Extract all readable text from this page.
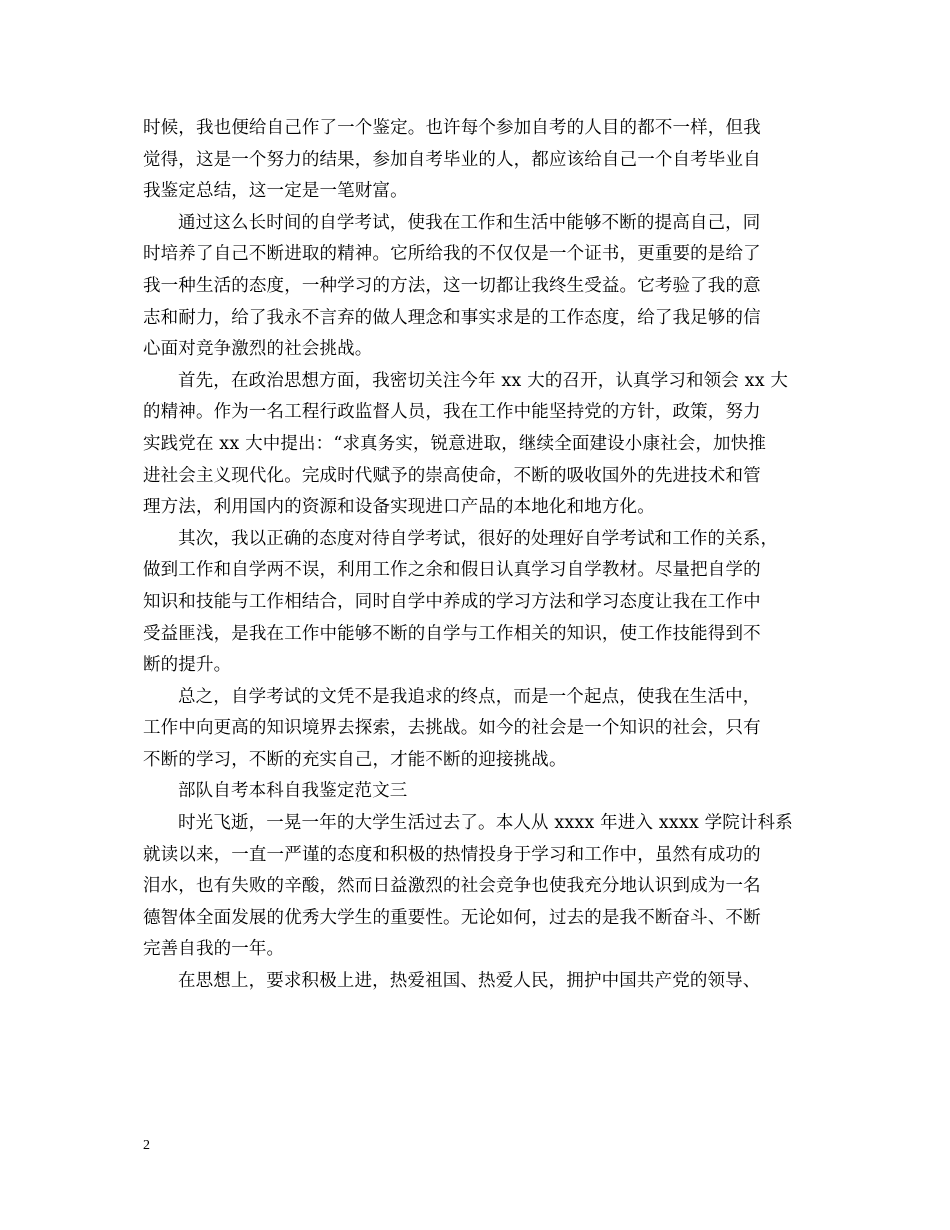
时候，我也便给自己作了一个鉴定。也许每个参加自考的人目的都不一样，但我
觉得，这是一个努力的结果，参加自考毕业的人，都应该给自己一个自考毕业自
我鉴定总结，这一定是一笔财富。
通过这么长时间的自学考试，使我在工作和生活中能够不断的提高自己，同
时培养了自己不断进取的精神。它所给我的不仅仅是一个证书，更重要的是给了
我一种生活的态度，一种学习的方法，这一切都让我终生受益。它考验了我的意
志和耐力，给了我永不言弃的做人理念和事实求是的工作态度，给了我足够的信
心面对竞争激烈的社会挑战。
首先，在政治思想方面，我密切关注今年 xx 大的召开，认真学习和领会 xx 大
的精神。作为一名工程行政监督人员，我在工作中能坚持党的方针，政策，努力
实践党在 xx 大中提出：“求真务实，锐意进取，继续全面建设小康社会，加快推
进社会主义现代化。完成时代赋予的崇高使命，不断的吸收国外的先进技术和管
理方法，利用国内的资源和设备实现进口产品的本地化和地方化。
其次，我以正确的态度对待自学考试，很好的处理好自学考试和工作的关系，
做到工作和自学两不误，利用工作之余和假日认真学习自学教材。尽量把自学的
知识和技能与工作相结合，同时自学中养成的学习方法和学习态度让我在工作中
受益匪浅，是我在工作中能够不断的自学与工作相关的知识，使工作技能得到不
断的提升。
总之，自学考试的文凭不是我追求的终点，而是一个起点，使我在生活中，
工作中向更高的知识境界去探索，去挑战。如今的社会是一个知识的社会，只有
不断的学习，不断的充实自己，才能不断的迎接挑战。
部队自考本科自我鉴定范文三
时光飞逝，一晃一年的大学生活过去了。本人从 xxxx 年进入 xxxx 学院计科系
就读以来，一直一严谨的态度和积极的热情投身于学习和工作中，虽然有成功的
泪水，也有失败的辛酸，然而日益激烈的社会竞争也使我充分地认识到成为一名
德智体全面发展的优秀大学生的重要性。无论如何，过去的是我不断奋斗、不断
完善自我的一年。
在思想上，要求积极上进，热爱祖国、热爱人民，拥护中国共产党的领导、
2
